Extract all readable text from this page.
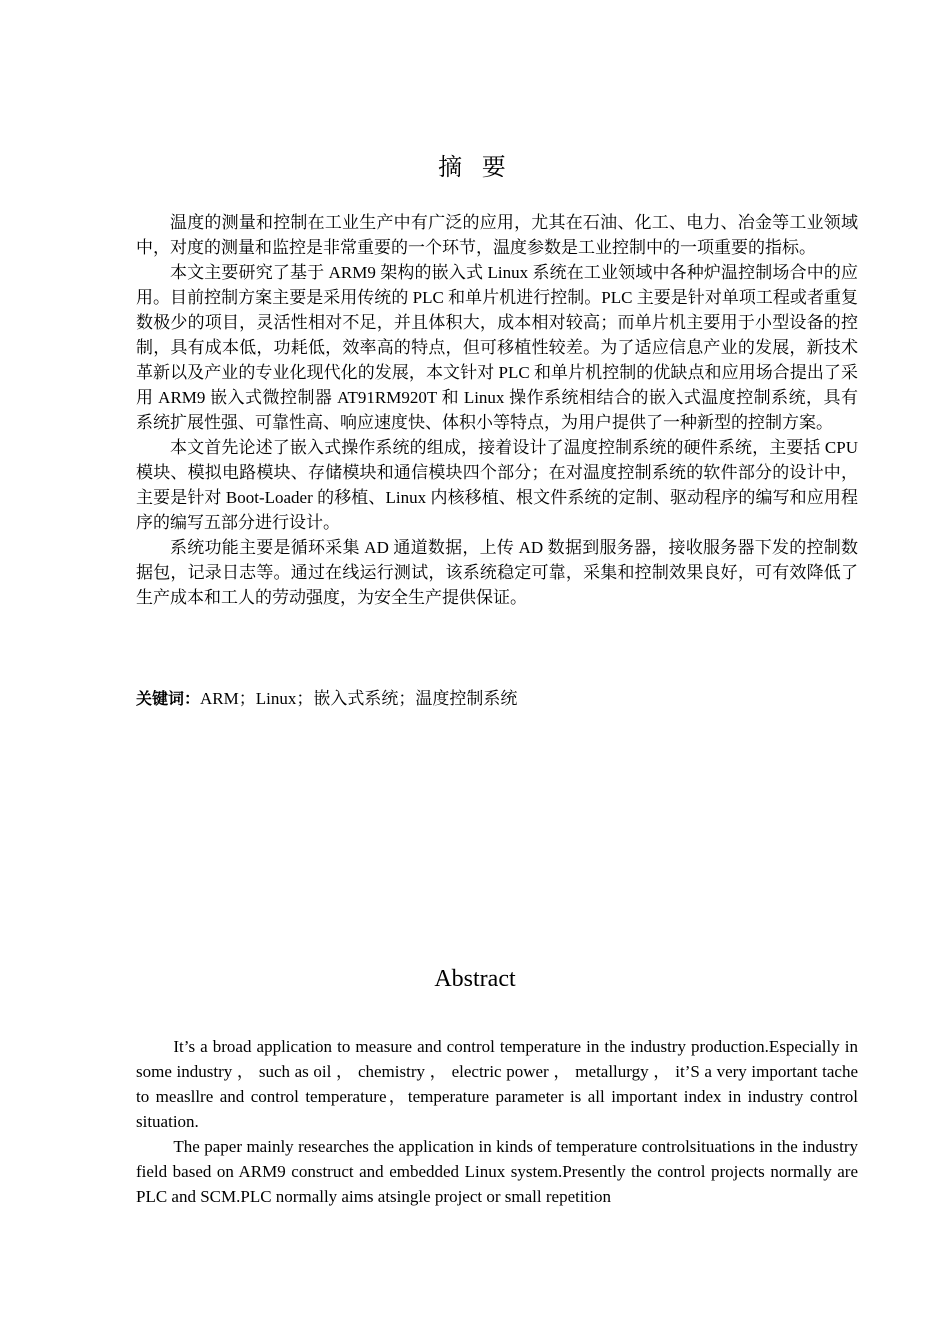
摘 要

温度的测量和控制在工业生产中有广泛的应用，尤其在石油、化工、电力、冶金等工业领域中，对度的测量和监控是非常重要的一个环节，温度参数是工业控制中的一项重要的指标。

本文主要研究了基于 ARM9 架构的嵌入式 Linux 系统在工业领域中各种炉温控制场合中的应用。目前控制方案主要是采用传统的 PLC 和单片机进行控制。PLC 主要是针对单项工程或者重复数极少的项目，灵活性相对不足，并且体积大，成本相对较高；而单片机主要用于小型设备的控制，具有成本低，功耗低，效率高的特点，但可移植性较差。为了适应信息产业的发展，新技术革新以及产业的专业化现代化的发展，本文针对 PLC 和单片机控制的优缺点和应用场合提出了采用 ARM9 嵌入式微控制器 AT91RM920T 和 Linux 操作系统相结合的嵌入式温度控制系统，具有系统扩展性强、可靠性高、响应速度快、体积小等特点，为用户提供了一种新型的控制方案。

本文首先论述了嵌入式操作系统的组成，接着设计了温度控制系统的硬件系统，主要括 CPU 模块、模拟电路模块、存储模块和通信模块四个部分；在对温度控制系统的软件部分的设计中，主要是针对 Boot-Loader 的移植、Linux 内核移植、根文件系统的定制、驱动程序的编写和应用程序的编写五部分进行设计。

系统功能主要是循环采集 AD 通道数据，上传 AD 数据到服务器，接收服务器下发的控制数据包，记录日志等。通过在线运行测试，该系统稳定可靠，采集和控制效果良好，可有效降低了生产成本和工人的劳动强度，为安全生产提供保证。

关键词：ARM；Linux；嵌入式系统；温度控制系统

Abstract

It’s a broad application to measure and control temperature in the industry production.Especially in some industry ， such as oil ， chemistry ， electric power ， metallurgy ， it’S a very important tache to measllre and control temperature，temperature parameter is all important index in industry control situation.

The paper mainly researches the application in kinds of temperature controlsituations in the industry field based on ARM9 construct and embedded Linux system.Presently the control projects normally are PLC and SCM.PLC normally aims atsingle project or small repetition
